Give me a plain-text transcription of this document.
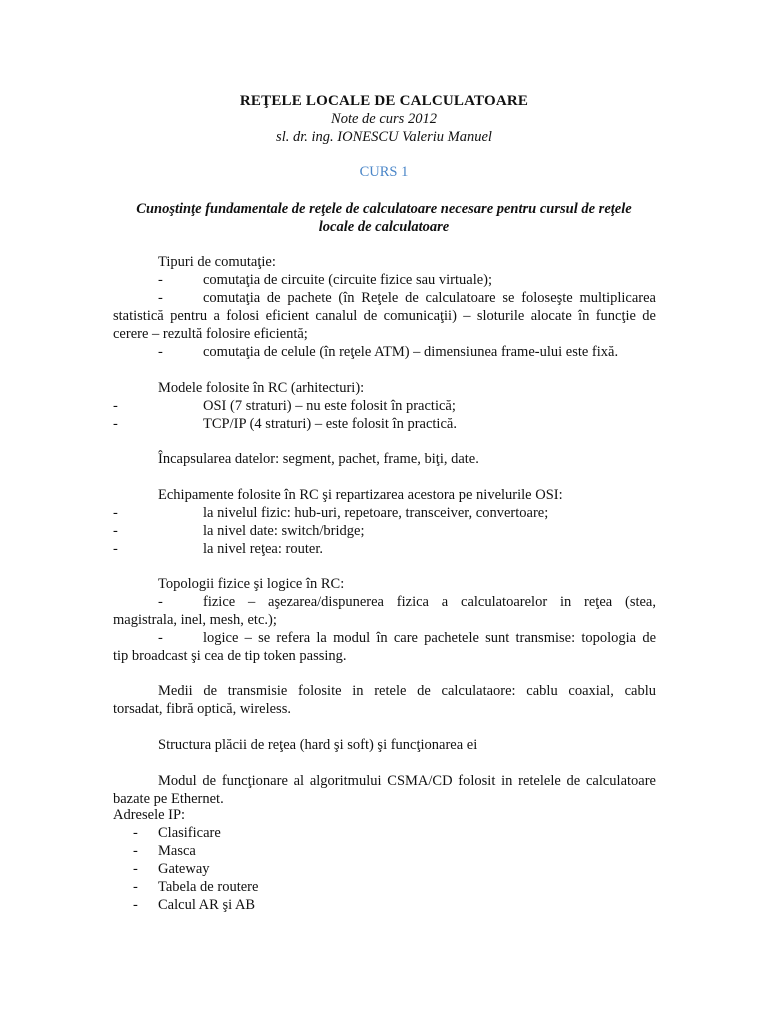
REŢELE LOCALE DE CALCULATOARE
Note de curs 2012
sl. dr. ing. IONESCU Valeriu Manuel
CURS 1
Cunoştinţe fundamentale de reţele de calculatoare necesare pentru cursul de reţele
locale de calculatoare
Tipuri de comutaţie:
-	comutaţia de circuite (circuite fizice sau virtuale);
-	comutaţia de pachete (în Reţele de calculatoare se foloseşte multiplicarea
statistică pentru a folosi eficient canalul de comunicaţii) – sloturile alocate în funcţie de
cerere – rezultă folosire eficientă;
-	comutaţia de celule (în reţele ATM) – dimensiunea frame-ului este fixă.
Modele folosite în RC (arhitecturi):
-	OSI (7 straturi) – nu este folosit în practică;
-	TCP/IP (4 straturi) – este folosit în practică.
Încapsularea datelor: segment, pachet, frame, biţi, date.
Echipamente folosite în RC şi repartizarea acestora pe nivelurile OSI:
-	la nivelul fizic: hub-uri, repetoare, transceiver, convertoare;
-	la nivel date: switch/bridge;
-	la nivel reţea: router.
Topologii fizice şi logice în RC:
-	fizice – aşezarea/dispunerea fizica a calculatoarelor in reţea (stea,
magistrala, inel, mesh, etc.);
-	logice – se refera la modul în care pachetele sunt transmise: topologia de
tip broadcast şi cea de tip token passing.
Medii de transmisie folosite in retele de calculataore: cablu coaxial, cablu
torsadat, fibră optică, wireless.
Structura plăcii de reţea (hard şi soft) şi funcţionarea ei
Modul de funcţionare al algoritmului CSMA/CD folosit in retelele de calculatoare
bazate pe Ethernet.
Adresele IP:
- Clasificare
- Masca
- Gateway
- Tabela de routere
- Calcul AR şi AB
